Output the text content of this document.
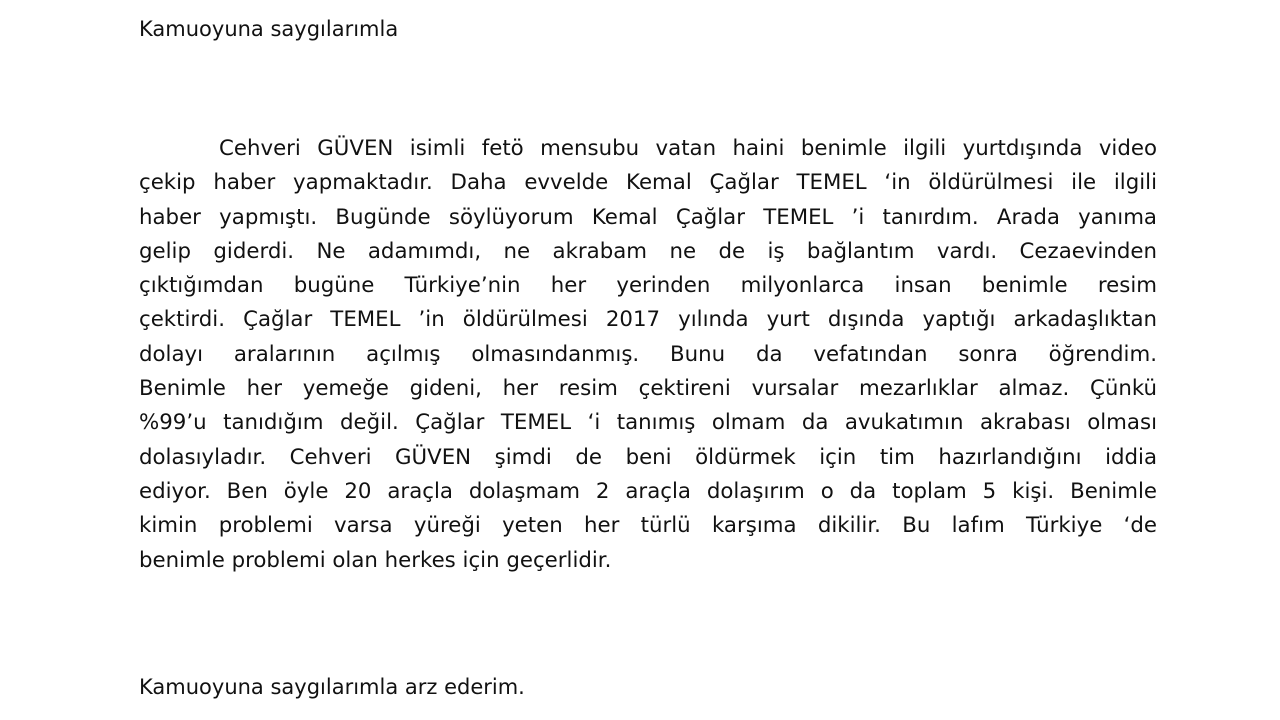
Kamuoyuna saygılarımla

Cehveri GÜVEN isimli fetö mensubu vatan haini benimle ilgili yurtdışında video
çekip haber yapmaktadır. Daha evvelde Kemal Çağlar TEMEL ‘in öldürülmesi ile ilgili
haber yapmıştı. Bugünde söylüyorum Kemal Çağlar TEMEL ’i tanırdım. Arada yanıma
gelip giderdi. Ne adamımdı, ne akrabam ne de iş bağlantım vardı. Cezaevinden
çıktığımdan bugüne Türkiye’nin her yerinden milyonlarca insan benimle resim
çektirdi. Çağlar TEMEL ’in öldürülmesi 2017 yılında yurt dışında yaptığı arkadaşlıktan
dolayı aralarının açılmış olmasındanmış. Bunu da vefatından sonra öğrendim.
Benimle her yemeğe gideni, her resim çektireni vursalar mezarlıklar almaz. Çünkü
%99’u tanıdığım değil. Çağlar TEMEL ‘i tanımış olmam da avukatımın akrabası olması
dolasıyladır. Cehveri GÜVEN şimdi de beni öldürmek için tim hazırlandığını iddia
ediyor. Ben öyle 20 araçla dolaşmam 2 araçla dolaşırım o da toplam 5 kişi. Benimle
kimin problemi varsa yüreği yeten her türlü karşıma dikilir. Bu lafım Türkiye ‘de
benimle problemi olan herkes için geçerlidir.

Kamuoyuna saygılarımla arz ederim.
